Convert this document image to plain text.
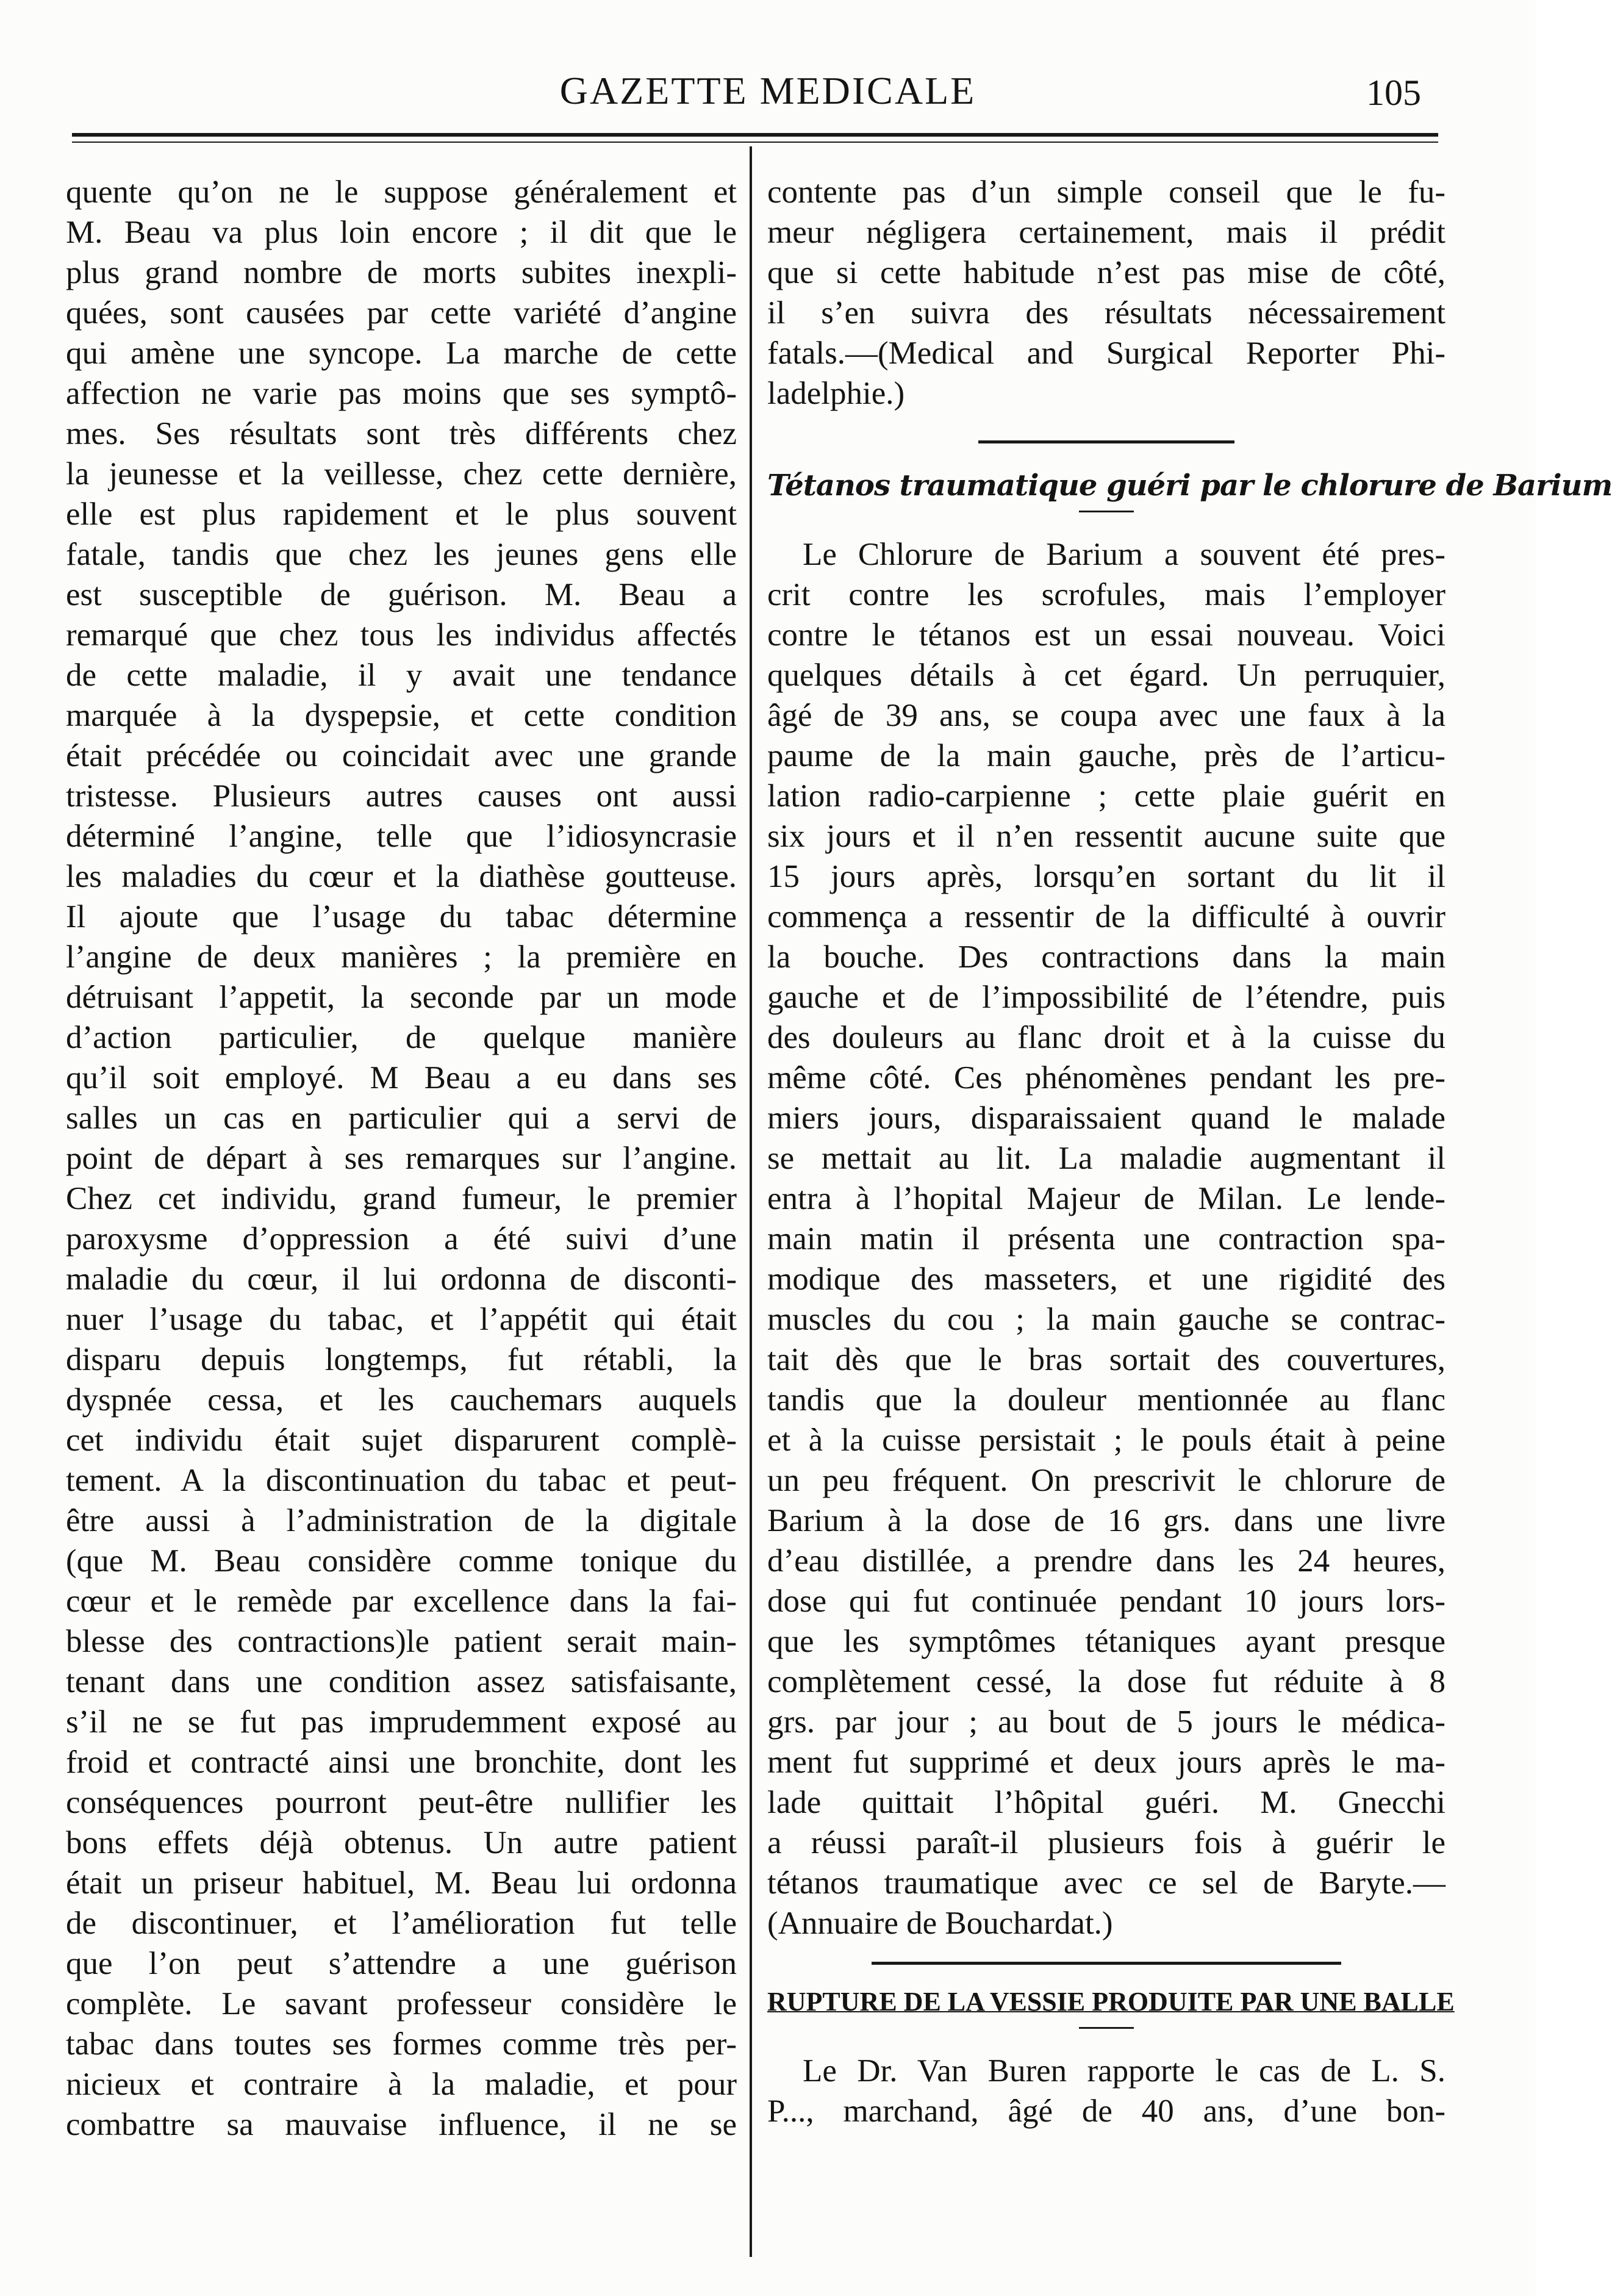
GAZETTE MEDICALE	105
quente qu’on ne le suppose généralement et
M. Beau va plus loin encore ; il dit que le
plus grand nombre de morts subites inexpli-
quées, sont causées par cette variété d’angine
qui amène une syncope. La marche de cette
affection ne varie pas moins que ses symptô-
mes. Ses résultats sont très différents chez
la jeunesse et la veillesse, chez cette dernière,
elle est plus rapidement et le plus souvent
fatale, tandis que chez les jeunes gens elle
est susceptible de guérison. M. Beau a
remarqué que chez tous les individus affectés
de cette maladie, il y avait une tendance
marquée à la dyspepsie, et cette condition
était précédée ou coincidait avec une grande
tristesse. Plusieurs autres causes ont aussi
déterminé l’angine, telle que l’idiosyncrasie
les maladies du cœur et la diathèse goutteuse.
Il ajoute que l’usage du tabac détermine
l’angine de deux manières ; la première en
détruisant l’appetit, la seconde par un mode
d’action particulier, de quelque manière
qu’il soit employé. M Beau a eu dans ses
salles un cas en particulier qui a servi de
point de départ à ses remarques sur l’angine.
Chez cet individu, grand fumeur, le premier
paroxysme d’oppression a été suivi d’une
maladie du cœur, il lui ordonna de disconti-
nuer l’usage du tabac, et l’appétit qui était
disparu depuis longtemps, fut rétabli, la
dyspnée cessa, et les cauchemars auquels
cet individu était sujet disparurent complè-
tement. A la discontinuation du tabac et peut-
être aussi à l’administration de la digitale
(que M. Beau considère comme tonique du
cœur et le remède par excellence dans la fai-
blesse des contractions)le patient serait main-
tenant dans une condition assez satisfaisante,
s’il ne se fut pas imprudemment exposé au
froid et contracté ainsi une bronchite, dont les
conséquences pourront peut-être nullifier les
bons effets déjà obtenus. Un autre patient
était un priseur habituel, M. Beau lui ordonna
de discontinuer, et l’amélioration fut telle
que l’on peut s’attendre a une guérison
complète. Le savant professeur considère le
tabac dans toutes ses formes comme très per-
nicieux et contraire à la maladie, et pour
combattre sa mauvaise influence, il ne se
contente pas d’un simple conseil que le fu-
meur négligera certainement, mais il prédit
que si cette habitude n’est pas mise de côté,
il s’en suivra des résultats nécessairement
fatals.—(Medical and Surgical Reporter Phi-
ladelphie.)
Tétanos traumatique guéri par le chlorure de Barium
Le Chlorure de Barium a souvent été pres-
crit contre les scrofules, mais l’employer
contre le tétanos est un essai nouveau. Voici
quelques détails à cet égard. Un perruquier,
âgé de 39 ans, se coupa avec une faux à la
paume de la main gauche, près de l’articu-
lation radio-carpienne ; cette plaie guérit en
six jours et il n’en ressentit aucune suite que
15 jours après, lorsqu’en sortant du lit il
commença a ressentir de la difficulté à ouvrir
la bouche. Des contractions dans la main
gauche et de l’impossibilité de l’étendre, puis
des douleurs au flanc droit et à la cuisse du
même côté. Ces phénomènes pendant les pre-
miers jours, disparaissaient quand le malade
se mettait au lit. La maladie augmentant il
entra à l’hopital Majeur de Milan. Le lende-
main matin il présenta une contraction spa-
modique des masseters, et une rigidité des
muscles du cou ; la main gauche se contrac-
tait dès que le bras sortait des couvertures,
tandis que la douleur mentionnée au flanc
et à la cuisse persistait ; le pouls était à peine
un peu fréquent. On prescrivit le chlorure de
Barium à la dose de 16 grs. dans une livre
d’eau distillée, a prendre dans les 24 heures,
dose qui fut continuée pendant 10 jours lors-
que les symptômes tétaniques ayant presque
complètement cessé, la dose fut réduite à 8
grs. par jour ; au bout de 5 jours le médica-
ment fut supprimé et deux jours après le ma-
lade quittait l’hôpital guéri. M. Gnecchi
a réussi paraît-il plusieurs fois à guérir le
tétanos traumatique avec ce sel de Baryte.—
(Annuaire de Bouchardat.)
RUPTURE DE LA VESSIE PRODUITE PAR UNE BALLE
Le Dr. Van Buren rapporte le cas de L. S.
P..., marchand, âgé de 40 ans, d’une bon-
